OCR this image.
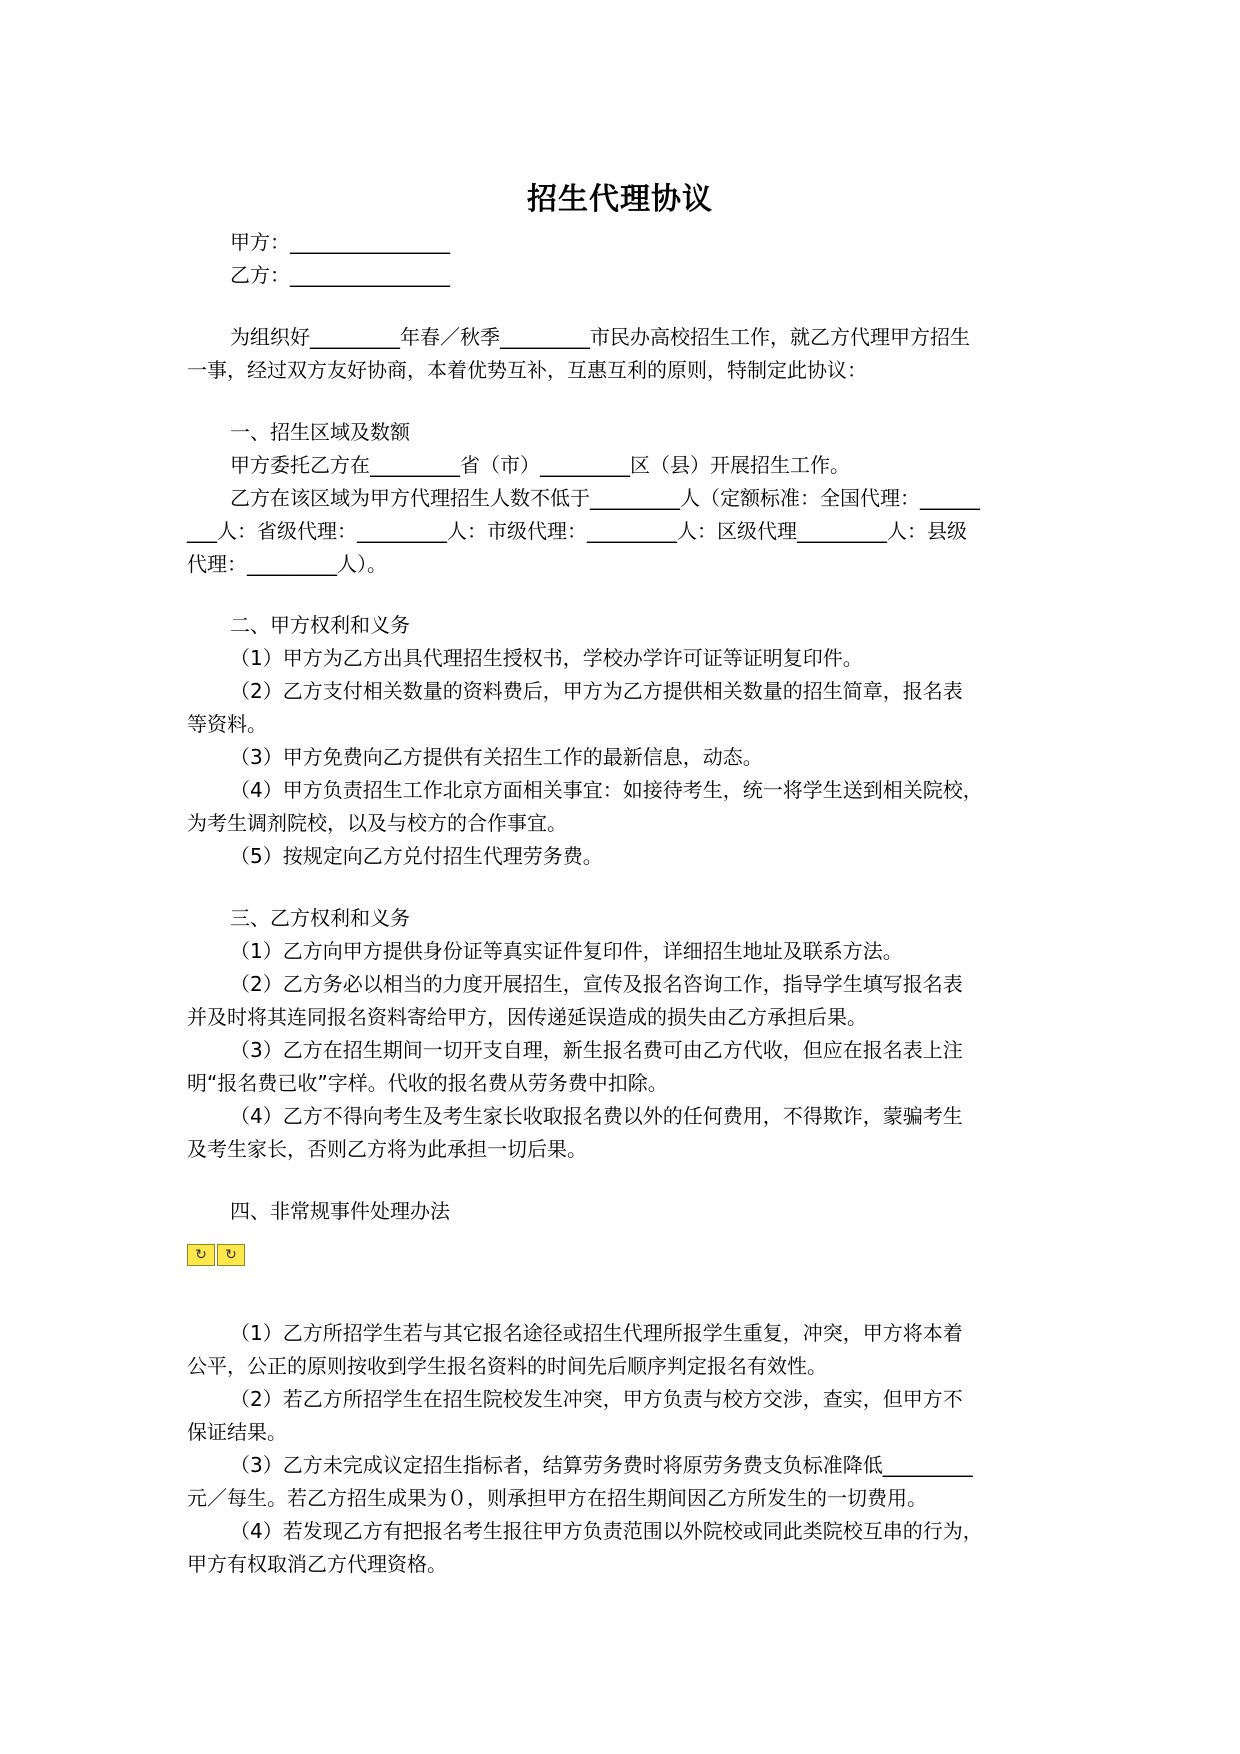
招生代理协议
甲方：________________
乙方：________________
为组织好_________年春／秋季_________市民办高校招生工作，就乙方代理甲方招生
一事，经过双方友好协商，本着优势互补，互惠互利的原则，特制定此协议：
一、招生区域及数额
甲方委托乙方在_________省（市）_________区（县）开展招生工作。
乙方在该区域为甲方代理招生人数不低于_________人（定额标准：全国代理：______
___人：省级代理：_________人：市级代理：_________人：区级代理_________人：县级
代理：_________人）。
二、甲方权利和义务
（1）甲方为乙方出具代理招生授权书，学校办学许可证等证明复印件。
（2）乙方支付相关数量的资料费后，甲方为乙方提供相关数量的招生简章，报名表
等资料。
（3）甲方免费向乙方提供有关招生工作的最新信息，动态。
（4）甲方负责招生工作北京方面相关事宜：如接待考生，统一将学生送到相关院校，
为考生调剂院校，以及与校方的合作事宜。
（5）按规定向乙方兑付招生代理劳务费。
三、乙方权利和义务
（1）乙方向甲方提供身份证等真实证件复印件，详细招生地址及联系方法。
（2）乙方务必以相当的力度开展招生，宣传及报名咨询工作，指导学生填写报名表
并及时将其连同报名资料寄给甲方，因传递延误造成的损失由乙方承担后果。
（3）乙方在招生期间一切开支自理，新生报名费可由乙方代收，但应在报名表上注
明“报名费已收”字样。代收的报名费从劳务费中扣除。
（4）乙方不得向考生及考生家长收取报名费以外的任何费用，不得欺诈，蒙骗考生
及考生家长，否则乙方将为此承担一切后果。
四、非常规事件处理办法
↻	↻
（1）乙方所招学生若与其它报名途径或招生代理所报学生重复，冲突，甲方将本着
公平，公正的原则按收到学生报名资料的时间先后顺序判定报名有效性。
（2）若乙方所招学生在招生院校发生冲突，甲方负责与校方交涉，查实，但甲方不
保证结果。
（3）乙方未完成议定招生指标者，结算劳务费时将原劳务费支负标准降低_________
元／每生。若乙方招生成果为０，则承担甲方在招生期间因乙方所发生的一切费用。
（4）若发现乙方有把报名考生报往甲方负责范围以外院校或同此类院校互串的行为，
甲方有权取消乙方代理资格。
